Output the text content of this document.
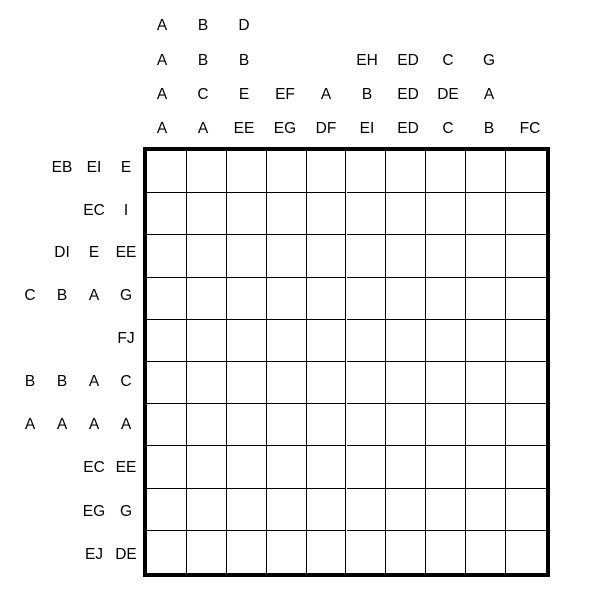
A
A
A
A
B
B
C
A
D
B
E
EE
EF
EG
A
DF
EH
B
EI
ED
ED
ED
C
DE
C
G
A
B FC
EB EI E
EC I
DI E EE
C B A G
FJ
B B A C
A A A A
EC EE
EG G
EJ DE
